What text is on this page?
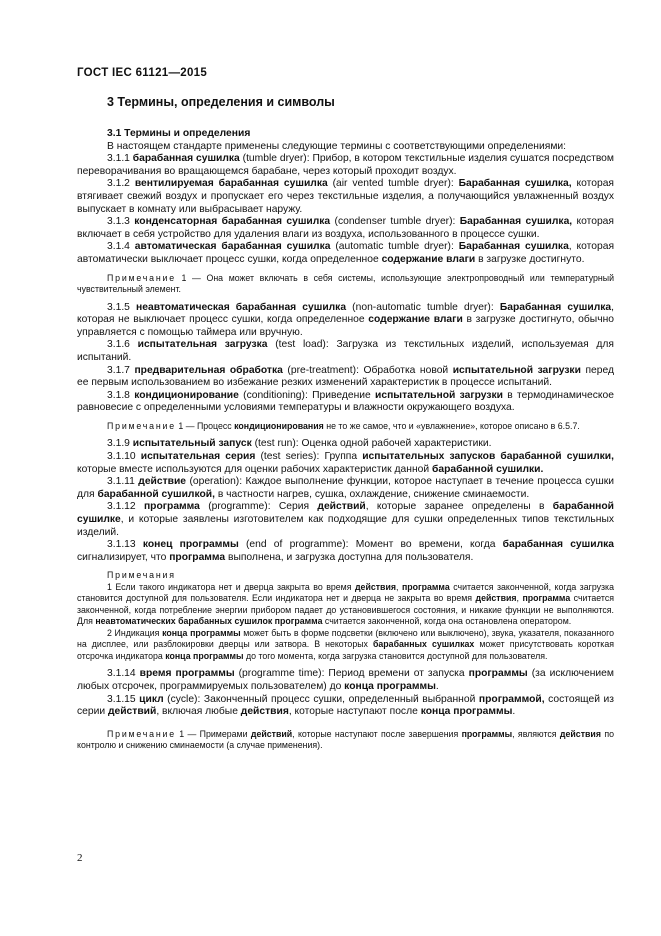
ГОСТ IEC 61121—2015
3 Термины, определения и символы

3.1 Термины и определения

В настоящем стандарте применены следующие термины с соответствующими определениями:

3.1.1 барабанная сушилка (tumble dryer): Прибор, в котором текстильные изделия сушатся посредством переворачивания во вращающемся барабане, через который проходит воздух.

3.1.2 вентилируемая барабанная сушилка (air vented tumble dryer): Барабанная сушилка, которая втягивает свежий воздух и пропускает его через текстильные изделия, а получающийся увлажненный воздух выпускает в комнату или выбрасывает наружу.

3.1.3 конденсаторная барабанная сушилка (condenser tumble dryer): Барабанная сушилка, которая включает в себя устройство для удаления влаги из воздуха, использованного в процессе сушки.

3.1.4 автоматическая барабанная сушилка (automatic tumble dryer): Барабанная сушилка, которая автоматически выключает процесс сушки, когда определенное содержание влаги в загрузке достигнуто.

Примечание 1 — Она может включать в себя системы, использующие электропроводный или температурный чувствительный элемент.

3.1.5 неавтоматическая барабанная сушилка (non-automatic tumble dryer): Барабанная сушилка, которая не выключает процесс сушки, когда определенное содержание влаги в загрузке достигнуто, обычно управляется с помощью таймера или вручную.

3.1.6 испытательная загрузка (test load): Загрузка из текстильных изделий, используемая для испытаний.

3.1.7 предварительная обработка (pre-treatment): Обработка новой испытательной загрузки перед ее первым использованием во избежание резких изменений характеристик в процессе испытаний.

3.1.8 кондиционирование (conditioning): Приведение испытательной загрузки в термодинамическое равновесие с определенными условиями температуры и влажности окружающего воздуха.

Примечание 1 — Процесс кондиционирования не то же самое, что и «увлажнение», которое описано в 6.5.7.

3.1.9 испытательный запуск (test run): Оценка одной рабочей характеристики.

3.1.10 испытательная серия (test series): Группа испытательных запусков барабанной сушилки, которые вместе используются для оценки рабочих характеристик данной барабанной сушилки.

3.1.11 действие (operation): Каждое выполнение функции, которое наступает в течение процесса сушки для барабанной сушилкой, в частности нагрев, сушка, охлаждение, снижение сминаемости.

3.1.12 программа (programme): Серия действий, которые заранее определены в барабанной сушилке, и которые заявлены изготовителем как подходящие для сушки определенных типов текстильных изделий.

3.1.13 конец программы (end of programme): Момент во времени, когда барабанная сушилка сигнализирует, что программа выполнена, и загрузка доступна для пользователя.

Примечания

1 Если такого индикатора нет и дверца закрыта во время действия, программа считается законченной, когда загрузка становится доступной для пользователя. Если индикатора нет и дверца не закрыта во время действия, программа считается законченной, когда потребление энергии прибором падает до установившегося состояния, и никакие функции не выполняются. Для неавтоматических барабанных сушилок программа считается законченной, когда она остановлена оператором.

2 Индикация конца программы может быть в форме подсветки (включено или выключено), звука, указателя, показанного на дисплее, или разблокировки дверцы или затвора. В некоторых барабанных сушилках может присутствовать короткая отсрочка индикатора конца программы до того момента, когда загрузка становится доступной для пользователя.

3.1.14 время программы (programme time): Период времени от запуска программы (за исключением любых отсрочек, программируемых пользователем) до конца программы.

3.1.15 цикл (cycle): Законченный процесс сушки, определенный выбранной программой, состоящей из серии действий, включая любые действия, которые наступают после конца программы.

Примечание 1 — Примерами действий, которые наступают после завершения программы, являются действия по контролю и снижению сминаемости (а случае применения).

2
